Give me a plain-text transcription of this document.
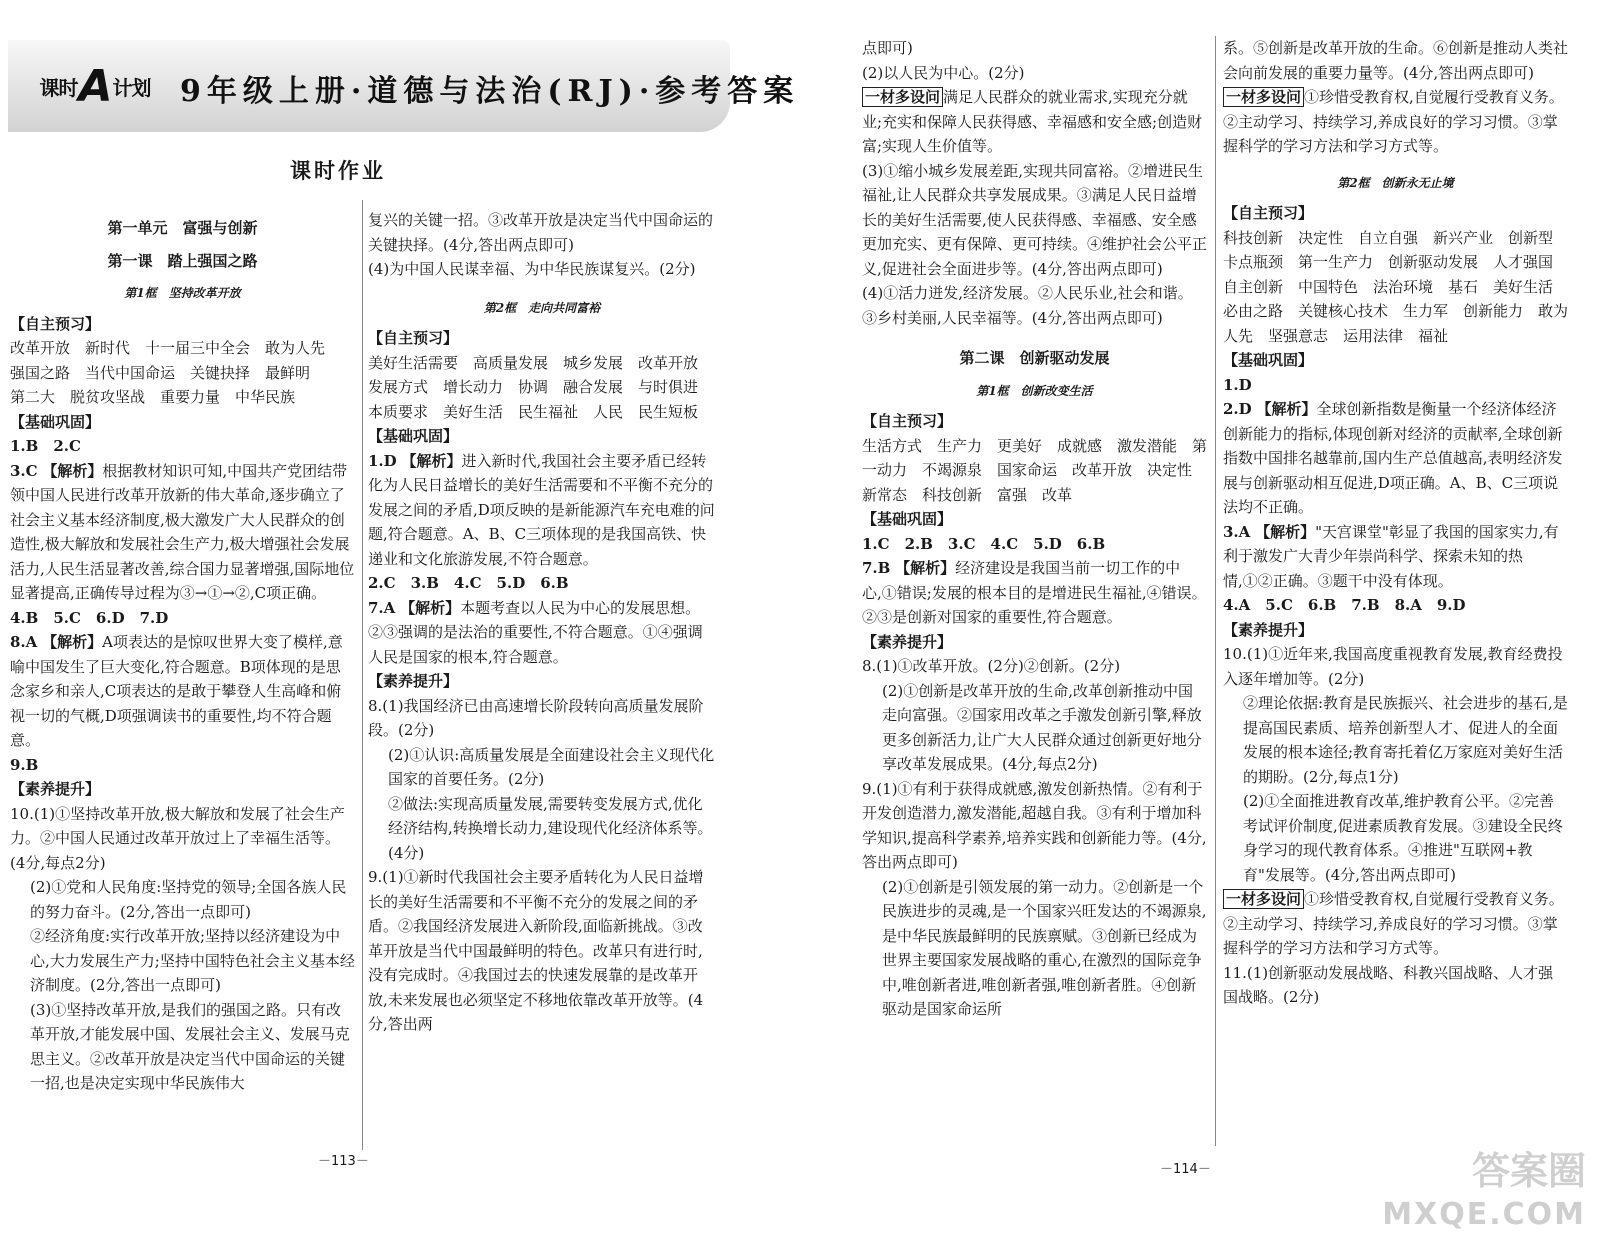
课时 A 计划 9年级上册·道德与法治(RJ)·参考答案
课时作业

第一单元　富强与创新

第一课　踏上强国之路

第1框　坚持改革开放

【自主预习】

改革开放　新时代　十一届三中全会　敢为人先

强国之路　当代中国命运　关键抉择　最鲜明

第二大　脱贫攻坚战　重要力量　中华民族

【基础巩固】

1.B　2.C

3.C 【解析】根据教材知识可知,中国共产党团结带领中国人民进行改革开放新的伟大革命,逐步确立了社会主义基本经济制度,极大激发广大人民群众的创造性,极大解放和发展社会生产力,极大增强社会发展活力,人民生活显著改善,综合国力显著增强,国际地位显著提高,正确传导过程为③→①→②,C项正确。

4.B　5.C　6.D　7.D

8.A 【解析】A项表达的是惊叹世界大变了模样,意喻中国发生了巨大变化,符合题意。B项体现的是思念家乡和亲人,C项表达的是敢于攀登人生高峰和俯视一切的气概,D项强调读书的重要性,均不符合题意。

9.B

【素养提升】

10.(1)①坚持改革开放,极大解放和发展了社会生产力。②中国人民通过改革开放过上了幸福生活等。(4分,每点2分)

(2)①党和人民角度:坚持党的领导;全国各族人民的努力奋斗。(2分,答出一点即可)

②经济角度:实行改革开放;坚持以经济建设为中心,大力发展生产力;坚持中国特色社会主义基本经济制度。(2分,答出一点即可)

(3)①坚持改革开放,是我们的强国之路。只有改革开放,才能发展中国、发展社会主义、发展马克思主义。②改革开放是决定当代中国命运的关键一招,也是决定实现中华民族伟大

复兴的关键一招。③改革开放是决定当代中国命运的关键抉择。(4分,答出两点即可)

(4)为中国人民谋幸福、为中华民族谋复兴。(2分)

第2框　走向共同富裕

【自主预习】

美好生活需要　高质量发展　城乡发展　改革开放　发展方式　增长动力　协调　融合发展　与时俱进　本质要求　美好生活　民生福祉　人民　民生短板

【基础巩固】

1.D 【解析】进入新时代,我国社会主要矛盾已经转化为人民日益增长的美好生活需要和不平衡不充分的发展之间的矛盾,D项反映的是新能源汽车充电难的问题,符合题意。A、B、C三项体现的是我国高铁、快递业和文化旅游发展,不符合题意。

2.C　3.B　4.C　5.D　6.B

7.A 【解析】本题考查以人民为中心的发展思想。②③强调的是法治的重要性,不符合题意。①④强调人民是国家的根本,符合题意。

【素养提升】

8.(1)我国经济已由高速增长阶段转向高质量发展阶段。(2分)

(2)①认识:高质量发展是全面建设社会主义现代化国家的首要任务。(2分)

②做法:实现高质量发展,需要转变发展方式,优化经济结构,转换增长动力,建设现代化经济体系等。(4分)

9.(1)①新时代我国社会主要矛盾转化为人民日益增长的美好生活需要和不平衡不充分的发展之间的矛盾。②我国经济发展进入新阶段,面临新挑战。③改革开放是当代中国最鲜明的特色。改革只有进行时,没有完成时。④我国过去的快速发展靠的是改革开放,未来发展也必须坚定不移地依靠改革开放等。(4分,答出两

－113－

点即可)

(2)以人民为中心。(2分)

一材多设问 满足人民群众的就业需求,实现充分就业;充实和保障人民获得感、幸福感和安全感;创造财富;实现人生价值等。

(3)①缩小城乡发展差距,实现共同富裕。②增进民生福祉,让人民群众共享发展成果。③满足人民日益增长的美好生活需要,使人民获得感、幸福感、安全感更加充实、更有保障、更可持续。④维护社会公平正义,促进社会全面进步等。(4分,答出两点即可)

(4)①活力迸发,经济发展。②人民乐业,社会和谐。③乡村美丽,人民幸福等。(4分,答出两点即可)

第二课　创新驱动发展

第1框　创新改变生活

【自主预习】

生活方式　生产力　更美好　成就感　激发潜能　第一动力　不竭源泉　国家命运　改革开放　决定性　新常态　科技创新　富强　改革

【基础巩固】

1.C　2.B　3.C　4.C　5.D　6.B

7.B 【解析】经济建设是我国当前一切工作的中心,①错误;发展的根本目的是增进民生福祉,④错误。②③是创新对国家的重要性,符合题意。

【素养提升】

8.(1)①改革开放。(2分)②创新。(2分)

(2)①创新是改革开放的生命,改革创新推动中国走向富强。②国家用改革之手激发创新引擎,释放更多创新活力,让广大人民群众通过创新更好地分享改革发展成果。(4分,每点2分)

9.(1)①有利于获得成就感,激发创新热情。②有利于开发创造潜力,激发潜能,超越自我。③有利于增加科学知识,提高科学素养,培养实践和创新能力等。(4分,答出两点即可)

(2)①创新是引领发展的第一动力。②创新是一个民族进步的灵魂,是一个国家兴旺发达的不竭源泉,是中华民族最鲜明的民族禀赋。③创新已经成为世界主要国家发展战略的重心,在激烈的国际竞争中,唯创新者进,唯创新者强,唯创新者胜。④创新驱动是国家命运所

系。⑤创新是改革开放的生命。⑥创新是推动人类社会向前发展的重要力量等。(4分,答出两点即可)

一材多设问 ①珍惜受教育权,自觉履行受教育义务。②主动学习、持续学习,养成良好的学习习惯。③掌握科学的学习方法和学习方式等。

第2框　创新永无止境

【自主预习】

科技创新　决定性　自立自强　新兴产业　创新型　卡点瓶颈　第一生产力　创新驱动发展　人才强国　自主创新　中国特色　法治环境　基石　美好生活　必由之路　关键核心技术　生力军　创新能力　敢为人先　坚强意志　运用法律　福祉

【基础巩固】

1.D

2.D 【解析】全球创新指数是衡量一个经济体经济创新能力的指标,体现创新对经济的贡献率,全球创新指数中国排名越靠前,国内生产总值越高,表明经济发展与创新驱动相互促进,D项正确。A、B、C三项说法均不正确。

3.A 【解析】"天宫课堂"彰显了我国的国家实力,有利于激发广大青少年崇尚科学、探索未知的热情,①②正确。③题干中没有体现。

4.A　5.C　6.B　7.B　8.A　9.D

【素养提升】

10.(1)①近年来,我国高度重视教育发展,教育经费投入逐年增加等。(2分)

②理论依据:教育是民族振兴、社会进步的基石,是提高国民素质、培养创新型人才、促进人的全面发展的根本途径;教育寄托着亿万家庭对美好生活的期盼。(2分,每点1分)

(2)①全面推进教育改革,维护教育公平。②完善考试评价制度,促进素质教育发展。③建设全民终身学习的现代教育体系。④推进"互联网+教育"发展等。(4分,答出两点即可)

一材多设问 ①珍惜受教育权,自觉履行受教育义务。②主动学习、持续学习,养成良好的学习习惯。③掌握科学的学习方法和学习方式等。

11.(1)创新驱动发展战略、科教兴国战略、人才强国战略。(2分)

－114－	答案圈
MXQE.COM
